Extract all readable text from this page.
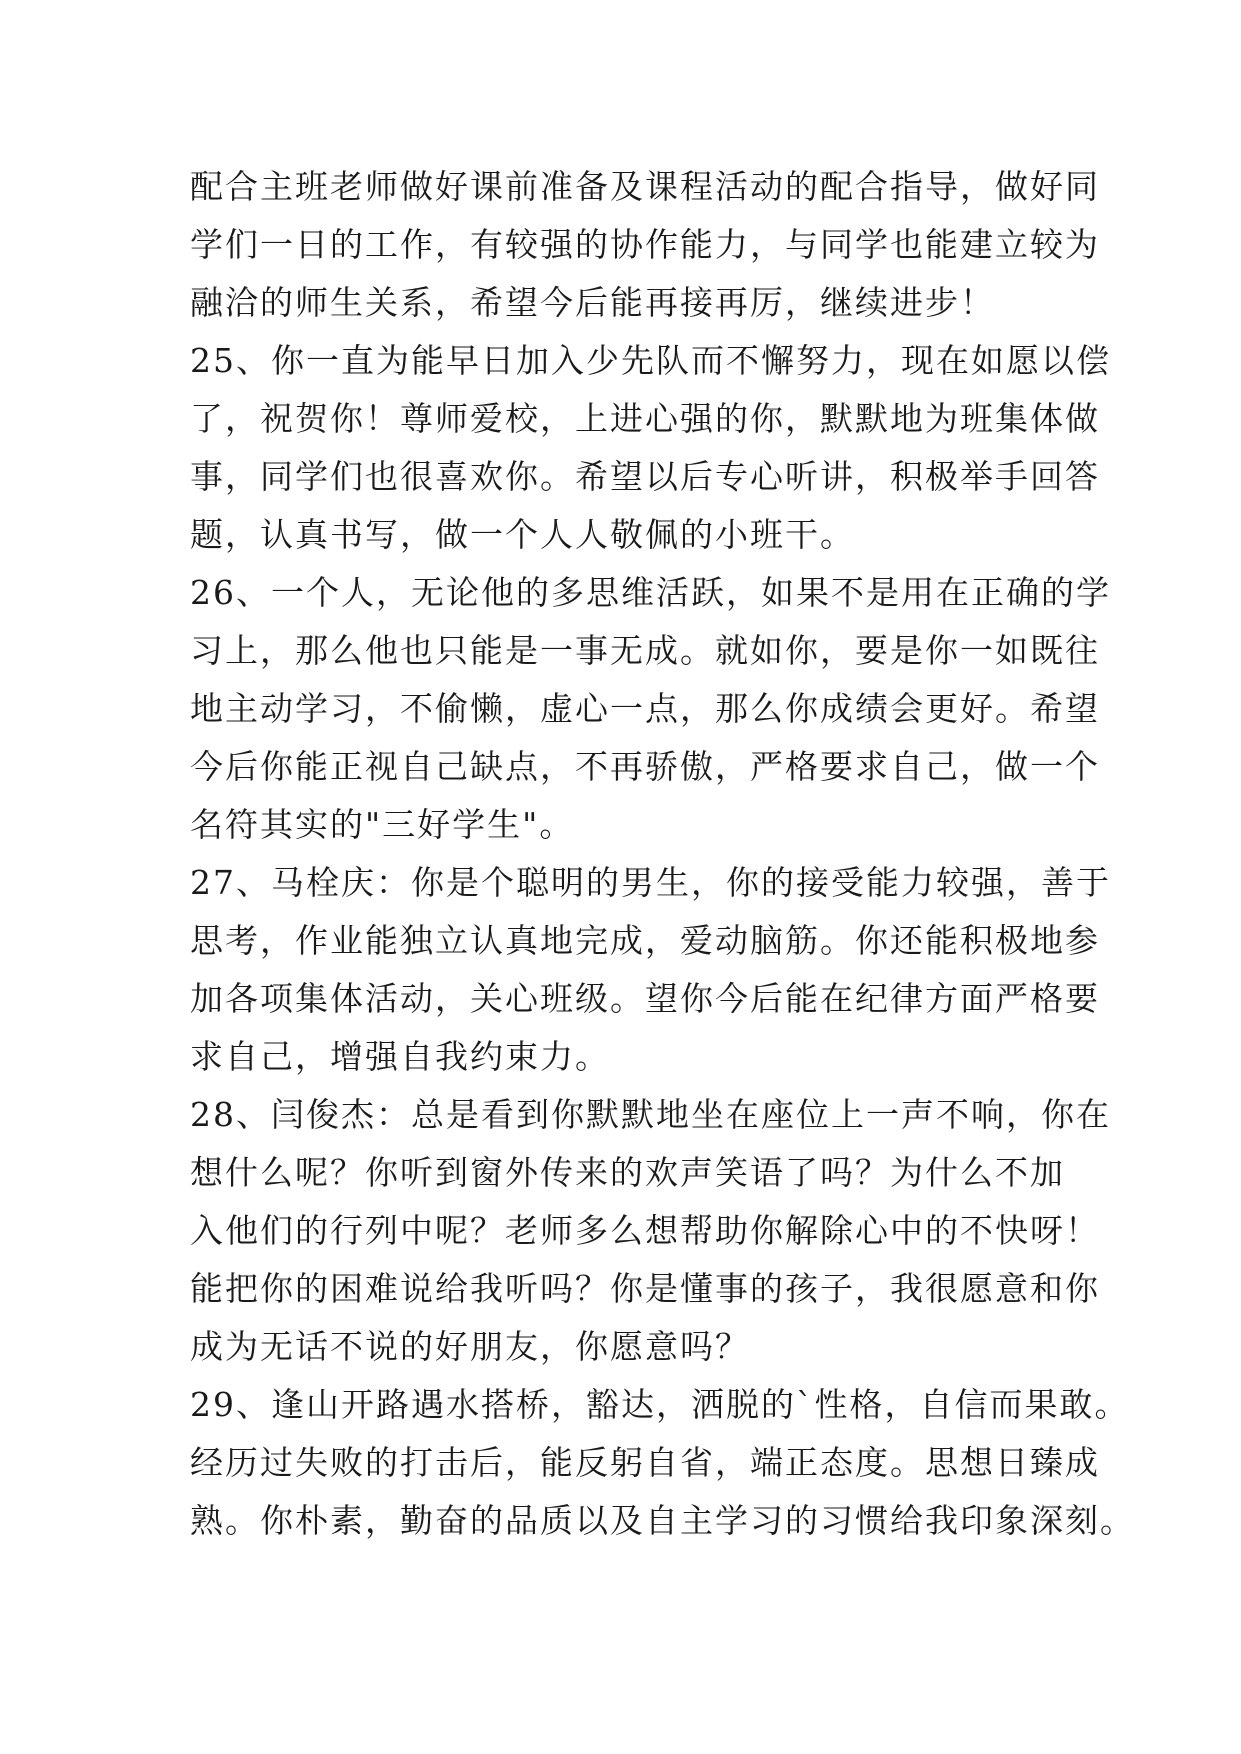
配合主班老师做好课前准备及课程活动的配合指导，做好同
学们一日的工作，有较强的协作能力，与同学也能建立较为
融洽的师生关系，希望今后能再接再厉，继续进步！
25、你一直为能早日加入少先队而不懈努力，现在如愿以偿
了，祝贺你！尊师爱校，上进心强的你，默默地为班集体做
事，同学们也很喜欢你。希望以后专心听讲，积极举手回答
题，认真书写，做一个人人敬佩的小班干。
26、一个人，无论他的多思维活跃，如果不是用在正确的学
习上，那么他也只能是一事无成。就如你，要是你一如既往
地主动学习，不偷懒，虚心一点，那么你成绩会更好。希望
今后你能正视自己缺点，不再骄傲，严格要求自己，做一个
名符其实的"三好学生"。
27、马栓庆：你是个聪明的男生，你的接受能力较强，善于
思考，作业能独立认真地完成，爱动脑筋。你还能积极地参
加各项集体活动，关心班级。望你今后能在纪律方面严格要
求自己，增强自我约束力。
28、闫俊杰：总是看到你默默地坐在座位上一声不响，你在
想什么呢？你听到窗外传来的欢声笑语了吗？为什么不加
入他们的行列中呢？老师多么想帮助你解除心中的不快呀！
能把你的困难说给我听吗？你是懂事的孩子，我很愿意和你
成为无话不说的好朋友，你愿意吗？
29、逢山开路遇水搭桥，豁达，洒脱的`性格，自信而果敢。
经历过失败的打击后，能反躬自省，端正态度。思想日臻成
熟。你朴素，勤奋的品质以及自主学习的习惯给我印象深刻。
